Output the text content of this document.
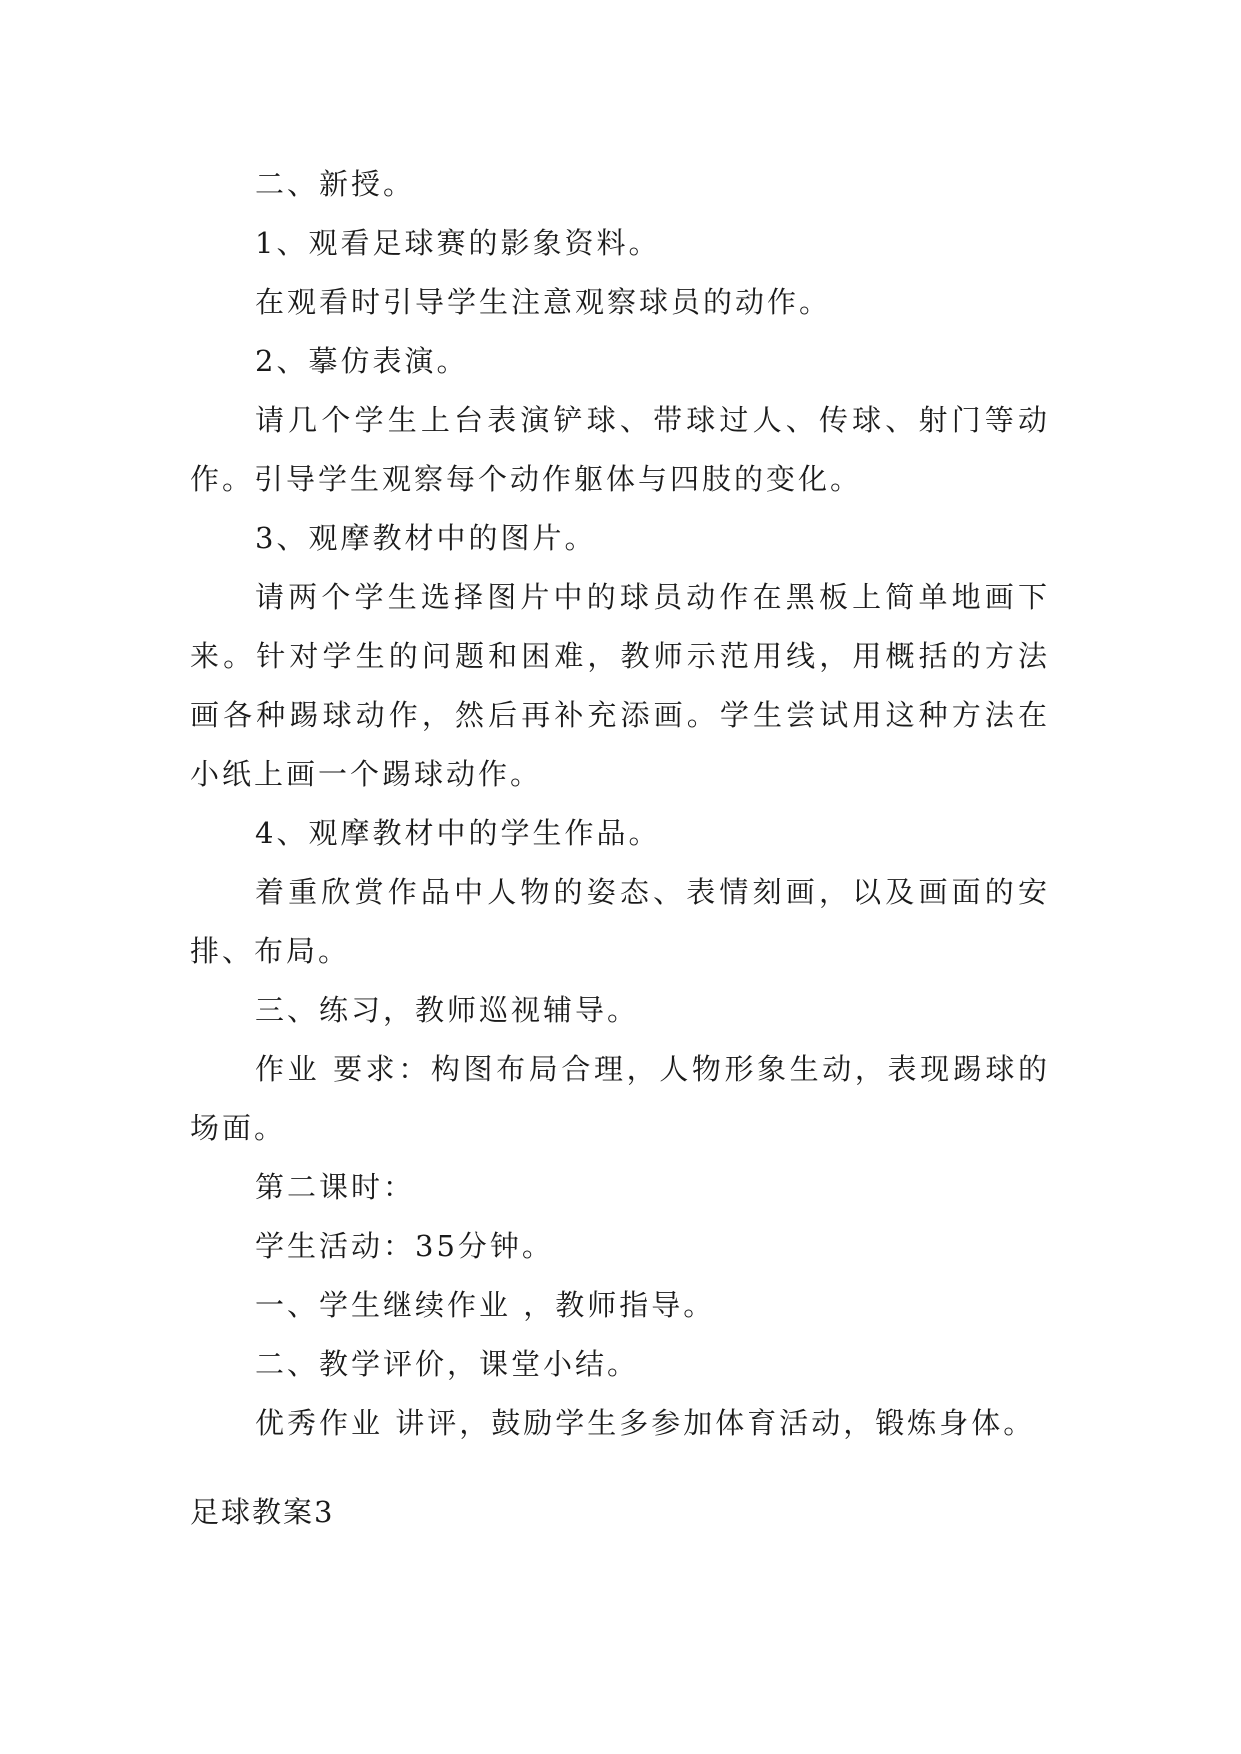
二、新授。

1、观看足球赛的影象资料。

在观看时引导学生注意观察球员的动作。

2、摹仿表演。

请几个学生上台表演铲球、带球过人、传球、射门等动作。引导学生观察每个动作躯体与四肢的变化。

3、观摩教材中的图片。

请两个学生选择图片中的球员动作在黑板上简单地画下来。针对学生的问题和困难，教师示范用线，用概括的方法画各种踢球动作，然后再补充添画。学生尝试用这种方法在小纸上画一个踢球动作。

4、观摩教材中的学生作品。

着重欣赏作品中人物的姿态、表情刻画，以及画面的安排、布局。

三、练习，教师巡视辅导。

作业 要求：构图布局合理，人物形象生动，表现踢球的场面。

第二课时：

学生活动：35分钟。

一、学生继续作业 ，教师指导。

二、教学评价，课堂小结。

优秀作业 讲评，鼓励学生多参加体育活动，锻炼身体。

足球教案3
